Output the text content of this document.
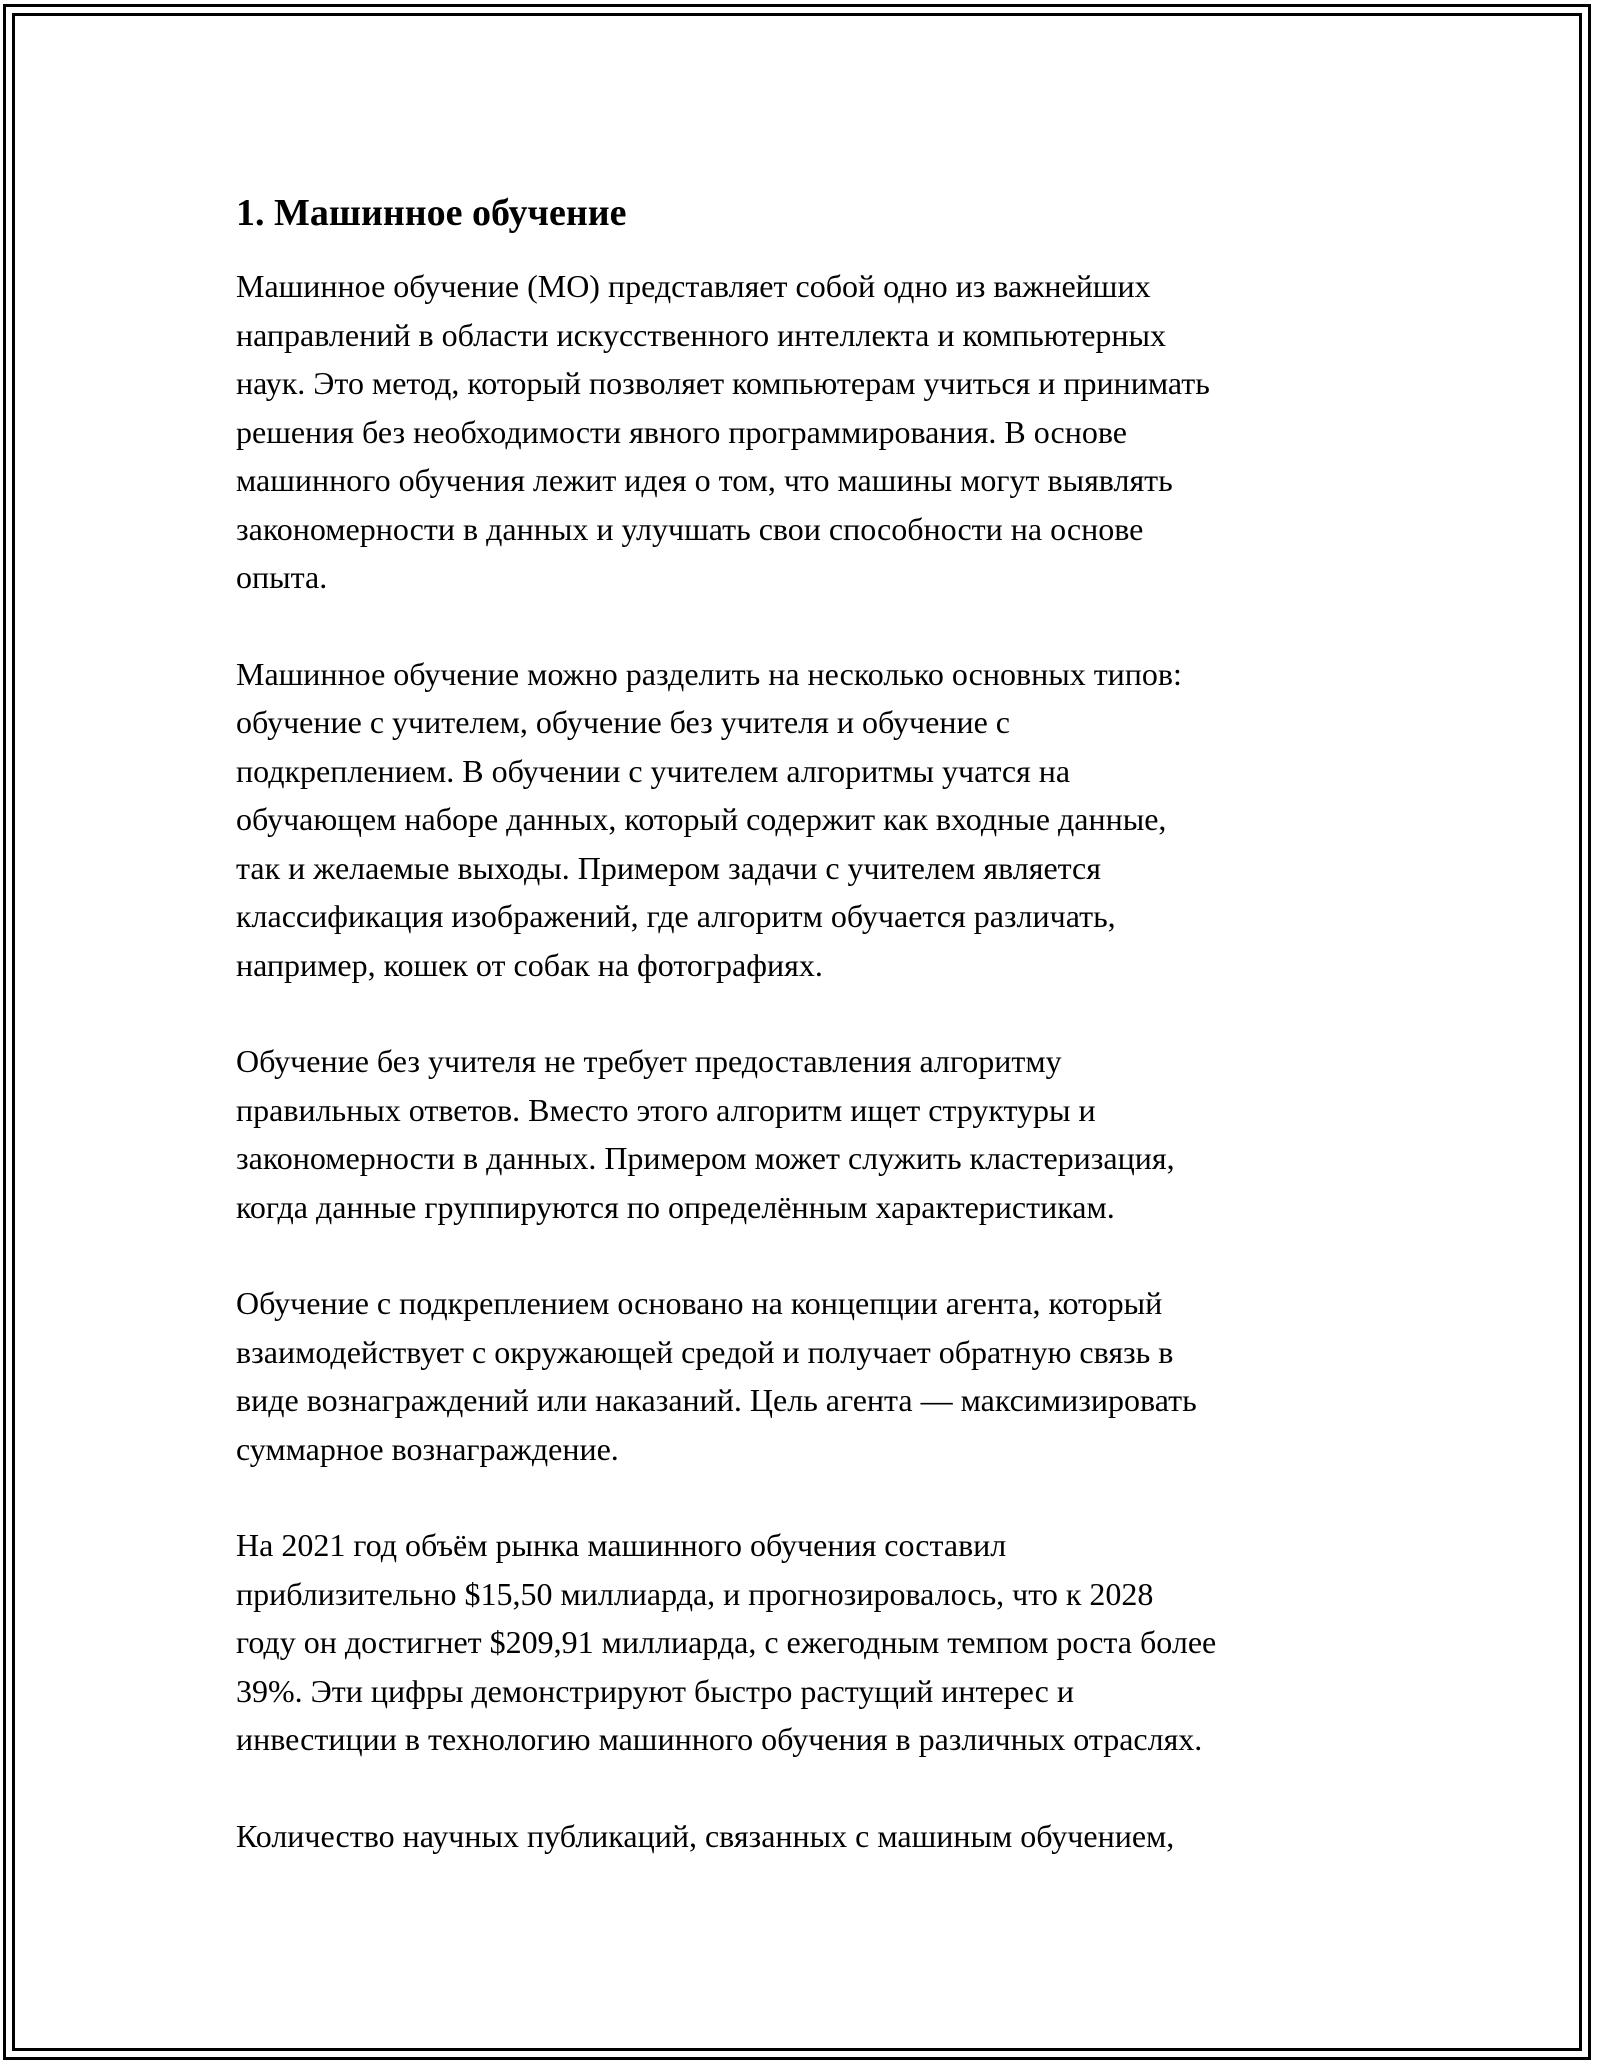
1. Машинное обучение

Машинное обучение (МО) представляет собой одно из важнейших
направлений в области искусственного интеллекта и компьютерных
наук. Это метод, который позволяет компьютерам учиться и принимать
решения без необходимости явного программирования. В основе
машинного обучения лежит идея о том, что машины могут выявлять
закономерности в данных и улучшать свои способности на основе
опыта.

Машинное обучение можно разделить на несколько основных типов:
обучение с учителем, обучение без учителя и обучение с
подкреплением. В обучении с учителем алгоритмы учатся на
обучающем наборе данных, который содержит как входные данные,
так и желаемые выходы. Примером задачи с учителем является
классификация изображений, где алгоритм обучается различать,
например, кошек от собак на фотографиях.

Обучение без учителя не требует предоставления алгоритму
правильных ответов. Вместо этого алгоритм ищет структуры и
закономерности в данных. Примером может служить кластеризация,
когда данные группируются по определённым характеристикам.

Обучение с подкреплением основано на концепции агента, который
взаимодействует с окружающей средой и получает обратную связь в
виде вознаграждений или наказаний. Цель агента — максимизировать
суммарное вознаграждение.

На 2021 год объём рынка машинного обучения составил
приблизительно $15,50 миллиарда, и прогнозировалось, что к 2028
году он достигнет $209,91 миллиарда, с ежегодным темпом роста более
39%. Эти цифры демонстрируют быстро растущий интерес и
инвестиции в технологию машинного обучения в различных отраслях.

Количество научных публикаций, связанных с машиным обучением,
